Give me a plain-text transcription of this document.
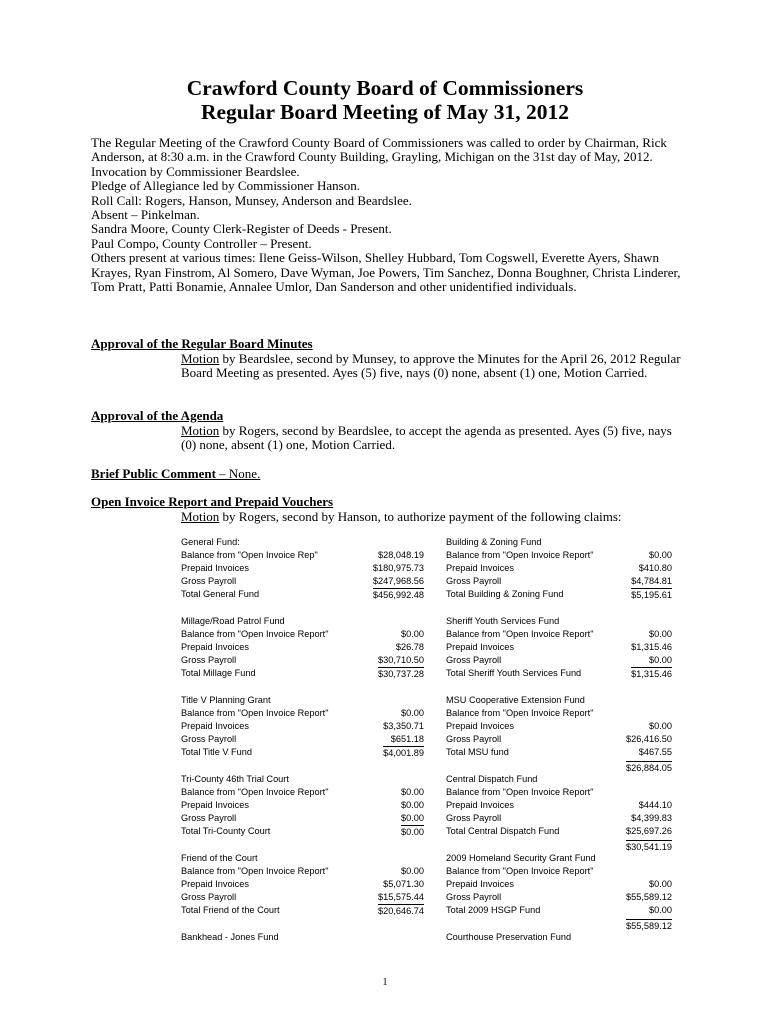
Crawford County Board of Commissioners
Regular Board Meeting of May 31, 2012

The Regular Meeting of the Crawford County Board of Commissioners was called to order by Chairman, Rick Anderson, at 8:30 a.m. in the Crawford County Building, Grayling, Michigan on the 31st day of May, 2012.

Invocation by Commissioner Beardslee.

Pledge of Allegiance led by Commissioner Hanson.

Roll Call: Rogers, Hanson, Munsey, Anderson and Beardslee.

Absent – Pinkelman.

Sandra Moore, County Clerk-Register of Deeds - Present.

Paul Compo, County Controller – Present.

Others present at various times: Ilene Geiss-Wilson, Shelley Hubbard, Tom Cogswell, Everette Ayers, Shawn Krayes, Ryan Finstrom, Al Somero, Dave Wyman, Joe Powers, Tim Sanchez, Donna Boughner, Christa Linderer, Tom Pratt, Patti Bonamie, Annalee Umlor, Dan Sanderson and other unidentified individuals.

Approval of the Regular Board Minutes

Motion by Beardslee, second by Munsey, to approve the Minutes for the April 26, 2012 Regular Board Meeting as presented. Ayes (5) five, nays (0) none, absent (1) one, Motion Carried.

Approval of the Agenda

Motion by Rogers, second by Beardslee, to accept the agenda as presented. Ayes (5) five, nays (0) none, absent (1) one, Motion Carried.

Brief Public Comment – None.

Open Invoice Report and Prepaid Vouchers

Motion by Rogers, second by Hanson, to authorize payment of the following claims:

General Fund:
Balance from "Open Invoice Rep"	$28,048.19
Prepaid Invoices	$180,975.73
Gross Payroll	$247,968.56
Total General Fund	$456,992.48
Millage/Road Patrol Fund
Balance from "Open Invoice Report"	$0.00
Prepaid Invoices	$26.78
Gross Payroll	$30,710.50
Total Millage Fund	$30,737.28
Title V Planning Grant
Balance from "Open Invoice Report"	$0.00
Prepaid Invoices	$3,350.71
Gross Payroll	$651.18
Total Title V Fund	$4,001.89
Tri-County 46th Trial Court
Balance from "Open Invoice Report"	$0.00
Prepaid Invoices	$0.00
Gross Payroll	$0.00
Total Tri-County Court	$0.00
Friend of the Court
Balance from "Open Invoice Report"	$0.00
Prepaid Invoices	$5,071.30
Gross Payroll	$15,575.44
Total Friend of the Court	$20,646.74
Bankhead - Jones Fund
Building & Zoning Fund
Balance from "Open Invoice Report"	$0.00
Prepaid Invoices	$410.80
Gross Payroll	$4,784.81
Total Building & Zoning Fund	$5,195.61
Sheriff Youth Services Fund
Balance from "Open Invoice Report"	$0.00
Prepaid Invoices	$1,315.46
Gross Payroll	$0.00
Total Sheriff Youth Services Fund	$1,315.46
MSU Cooperative Extension Fund
Balance from "Open Invoice Report"
Prepaid Invoices	$0.00
Gross Payroll	$26,416.50
Total MSU fund	$467.55
$26,884.05
Central Dispatch Fund
Balance from "Open Invoice Report"
Prepaid Invoices	$444.10
Gross Payroll	$4,399.83
Total Central Dispatch Fund	$25,697.26
$30,541.19
2009 Homeland Security Grant Fund
Balance from "Open Invoice Report"
Prepaid Invoices	$0.00
Gross Payroll	$55,589.12
Total 2009 HSGP Fund	$0.00
$55,589.12
Courthouse Preservation Fund
1
